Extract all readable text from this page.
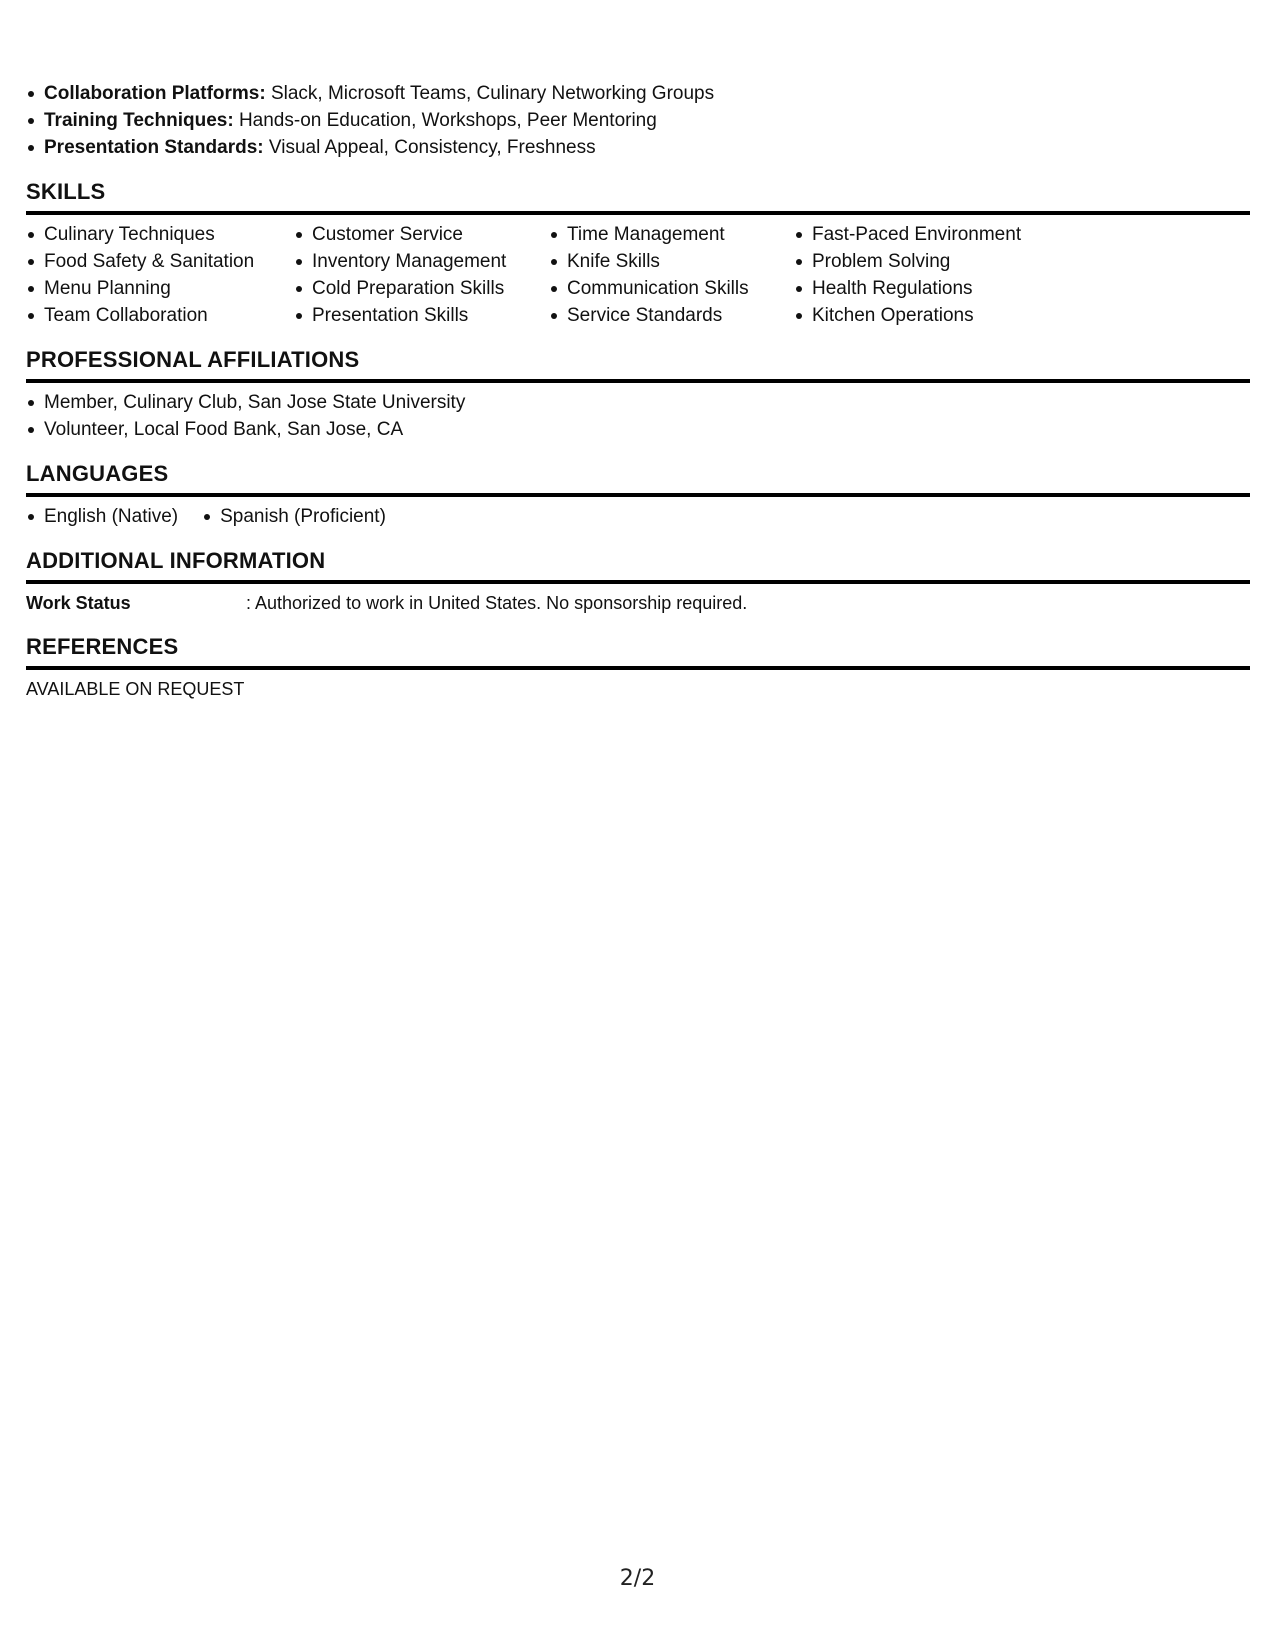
Collaboration Platforms: Slack, Microsoft Teams, Culinary Networking Groups
Training Techniques: Hands-on Education, Workshops, Peer Mentoring
Presentation Standards: Visual Appeal, Consistency, Freshness
SKILLS
Culinary Techniques
Food Safety & Sanitation
Menu Planning
Team Collaboration
Customer Service
Inventory Management
Cold Preparation Skills
Presentation Skills
Time Management
Knife Skills
Communication Skills
Service Standards
Fast-Paced Environment
Problem Solving
Health Regulations
Kitchen Operations
PROFESSIONAL AFFILIATIONS
Member, Culinary Club, San Jose State University
Volunteer, Local Food Bank, San Jose, CA
LANGUAGES
English (Native) Spanish (Proficient)
ADDITIONAL INFORMATION
Work Status	: Authorized to work in United States. No sponsorship required.
REFERENCES
AVAILABLE ON REQUEST
2/2
